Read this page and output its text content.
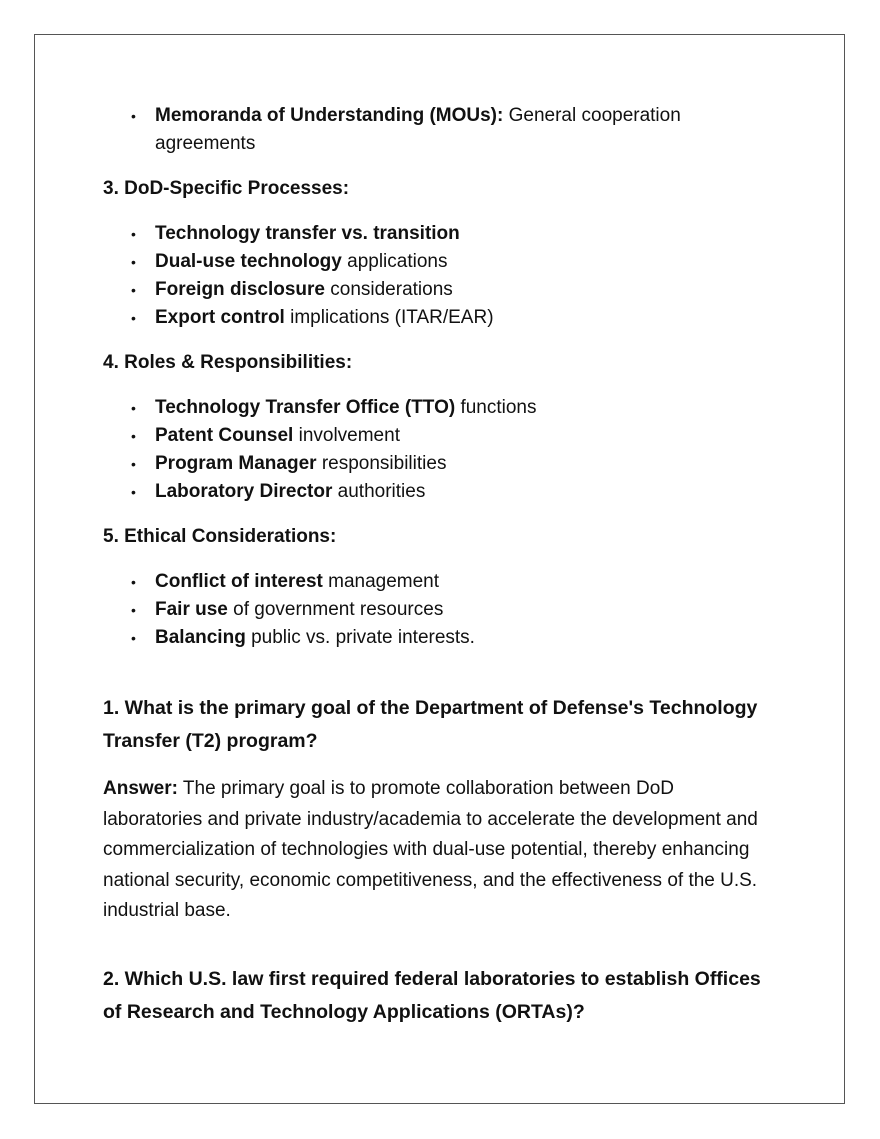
• Memoranda of Understanding (MOUs): General cooperation agreements
3. DoD-Specific Processes:
• Technology transfer vs. transition
• Dual-use technology applications
• Foreign disclosure considerations
• Export control implications (ITAR/EAR)
4. Roles & Responsibilities:
• Technology Transfer Office (TTO) functions
• Patent Counsel involvement
• Program Manager responsibilities
• Laboratory Director authorities
5. Ethical Considerations:
• Conflict of interest management
• Fair use of government resources
• Balancing public vs. private interests.

1. What is the primary goal of the Department of Defense's Technology Transfer (T2) program?

Answer: The primary goal is to promote collaboration between DoD laboratories and private industry/academia to accelerate the development and commercialization of technologies with dual-use potential, thereby enhancing national security, economic competitiveness, and the effectiveness of the U.S. industrial base.

2. Which U.S. law first required federal laboratories to establish Offices of Research and Technology Applications (ORTAs)?
